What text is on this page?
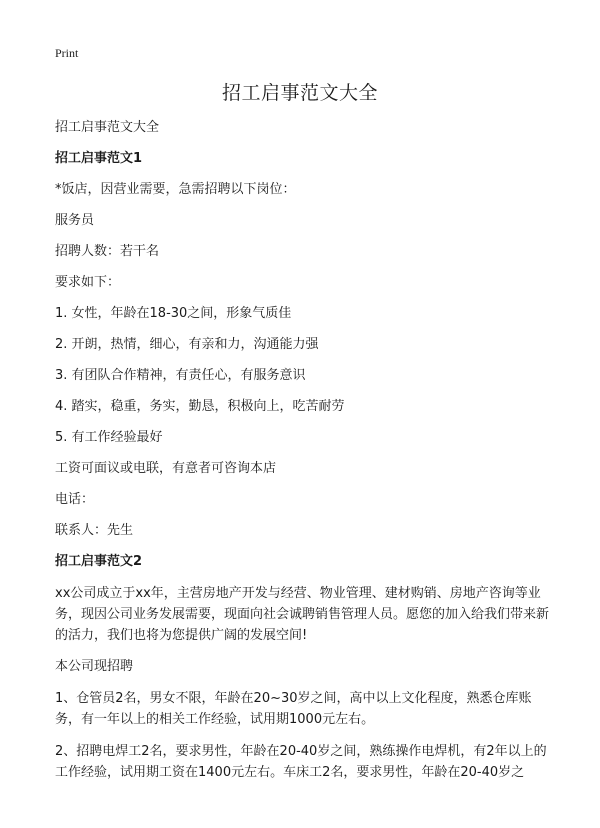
Print
招工启事范文大全

招工启事范文大全

招工启事范文1

*饭店，因营业需要，急需招聘以下岗位：

服务员

招聘人数：若干名

要求如下：

1. 女性，年龄在18-30之间，形象气质佳

2. 开朗，热情，细心，有亲和力，沟通能力强

3. 有团队合作精神，有责任心，有服务意识

4. 踏实，稳重，务实，勤恳，积极向上，吃苦耐劳

5. 有工作经验最好

工资可面议或电联，有意者可咨询本店

电话：

联系人：先生

招工启事范文2

xx公司成立于xx年，主营房地产开发与经营、物业管理、建材购销、房地产咨询等业务，现因公司业务发展需要，现面向社会诚聘销售管理人员。愿您的加入给我们带来新的活力，我们也将为您提供广阔的发展空间!

本公司现招聘

1、仓管员2名，男女不限，年龄在20~30岁之间，高中以上文化程度，熟悉仓库账务，有一年以上的相关工作经验，试用期1000元左右。

2、招聘电焊工2名，要求男性，年龄在20-40岁之间，熟练操作电焊机，有2年以上的工作经验，试用期工资在1400元左右。车床工2名，要求男性，年龄在20-40岁之
